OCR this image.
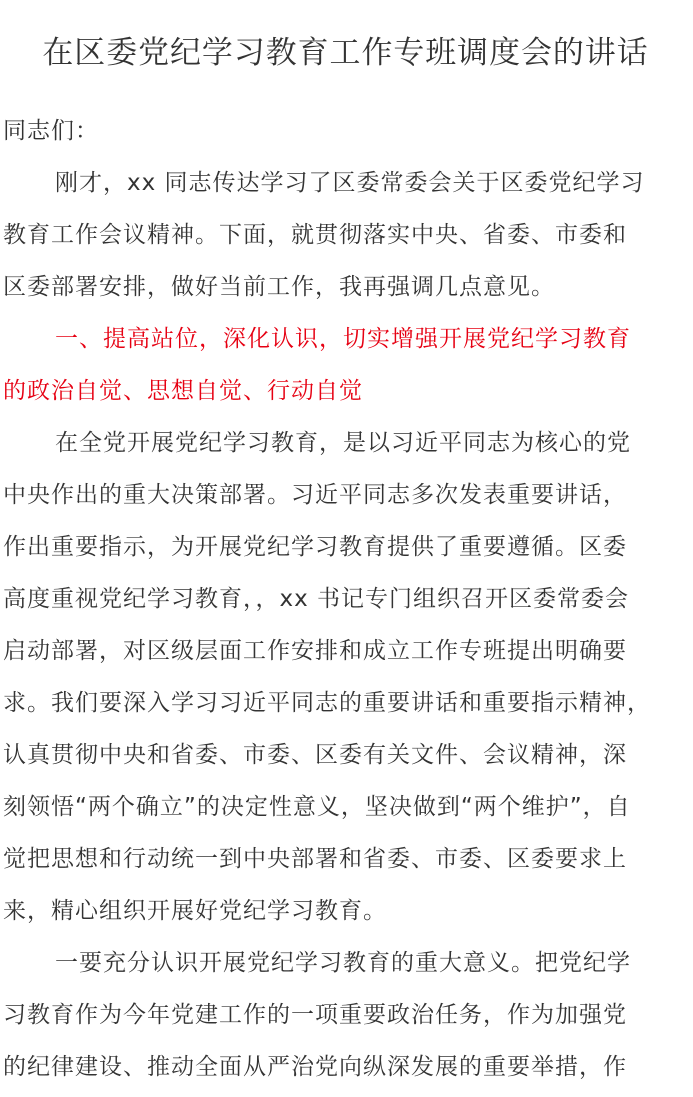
在区委党纪学习教育工作专班调度会的讲话
同志们：
刚才，xx 同志传达学习了区委常委会关于区委党纪学习
教育工作会议精神。下面，就贯彻落实中央、省委、市委和
区委部署安排，做好当前工作，我再强调几点意见。
一、提高站位，深化认识，切实增强开展党纪学习教育
的政治自觉、思想自觉、行动自觉
在全党开展党纪学习教育，是以习近平同志为核心的党
中央作出的重大决策部署。习近平同志多次发表重要讲话，
作出重要指示，为开展党纪学习教育提供了重要遵循。区委
高度重视党纪学习教育，，xx 书记专门组织召开区委常委会
启动部署，对区级层面工作安排和成立工作专班提出明确要
求。我们要深入学习习近平同志的重要讲话和重要指示精神，
认真贯彻中央和省委、市委、区委有关文件、会议精神，深
刻领悟“两个确立”的决定性意义，坚决做到“两个维护”，自
觉把思想和行动统一到中央部署和省委、市委、区委要求上
来，精心组织开展好党纪学习教育。
一要充分认识开展党纪学习教育的重大意义。把党纪学
习教育作为今年党建工作的一项重要政治任务，作为加强党
的纪律建设、推动全面从严治党向纵深发展的重要举措，作
